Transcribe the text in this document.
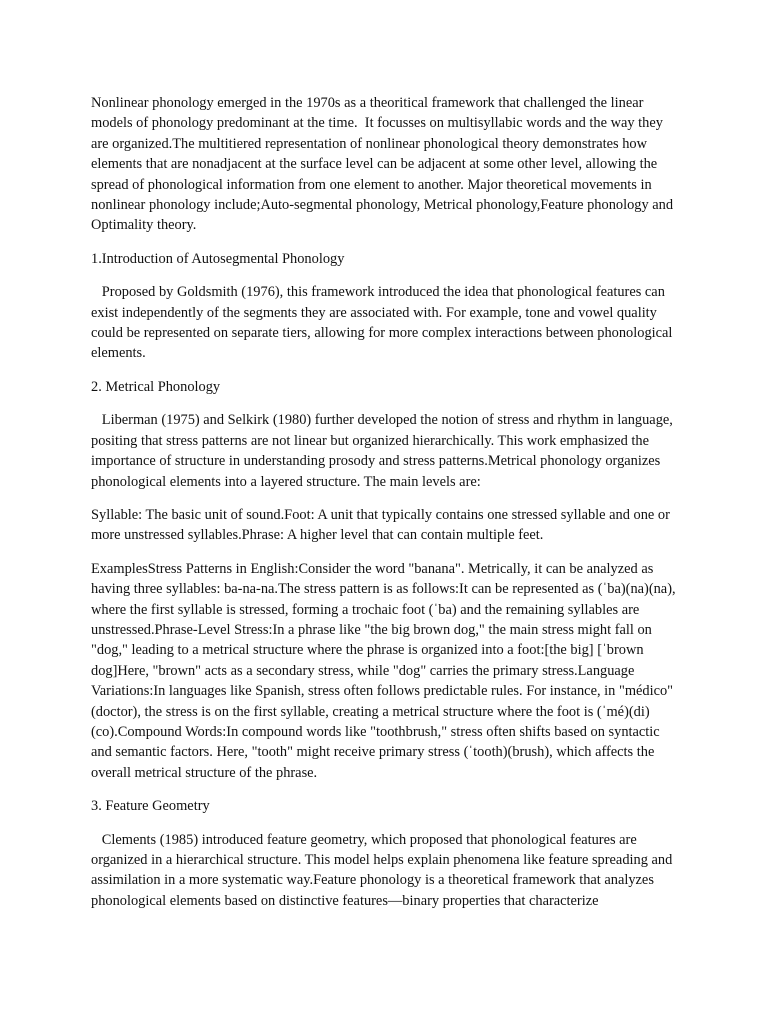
Nonlinear phonology emerged in the 1970s as a theoritical framework that challenged the linear models of phonology predominant at the time.  It focusses on multisyllabic words and the way they are organized.The multitiered representation of nonlinear phonological theory demonstrates how elements that are nonadjacent at the surface level can be adjacent at some other level, allowing the spread of phonological information from one element to another. Major theoretical movements in nonlinear phonology include;Auto-segmental phonology, Metrical phonology,Feature phonology and Optimality theory.

1.Introduction of Autosegmental Phonology

Proposed by Goldsmith (1976), this framework introduced the idea that phonological features can exist independently of the segments they are associated with. For example, tone and vowel quality could be represented on separate tiers, allowing for more complex interactions between phonological elements.

2. Metrical Phonology

Liberman (1975) and Selkirk (1980) further developed the notion of stress and rhythm in language, positing that stress patterns are not linear but organized hierarchically. This work emphasized the importance of structure in understanding prosody and stress patterns.Metrical phonology organizes phonological elements into a layered structure. The main levels are:

Syllable: The basic unit of sound.Foot: A unit that typically contains one stressed syllable and one or more unstressed syllables.Phrase: A higher level that can contain multiple feet.

ExamplesStress Patterns in English:Consider the word "banana". Metrically, it can be analyzed as having three syllables: ba-na-na.The stress pattern is as follows:It can be represented as (ˈba)(na)(na), where the first syllable is stressed, forming a trochaic foot (ˈba) and the remaining syllables are unstressed.Phrase-Level Stress:In a phrase like "the big brown dog," the main stress might fall on "dog," leading to a metrical structure where the phrase is organized into a foot:[the big] [ˈbrown dog]Here, "brown" acts as a secondary stress, while "dog" carries the primary stress.Language Variations:In languages like Spanish, stress often follows predictable rules. For instance, in "médico" (doctor), the stress is on the first syllable, creating a metrical structure where the foot is (ˈmé)(di)(co).Compound Words:In compound words like "toothbrush," stress often shifts based on syntactic and semantic factors. Here, "tooth" might receive primary stress (ˈtooth)(brush), which affects the overall metrical structure of the phrase.

3. Feature Geometry

Clements (1985) introduced feature geometry, which proposed that phonological features are organized in a hierarchical structure. This model helps explain phenomena like feature spreading and assimilation in a more systematic way.Feature phonology is a theoretical framework that analyzes phonological elements based on distinctive features—binary properties that characterize
